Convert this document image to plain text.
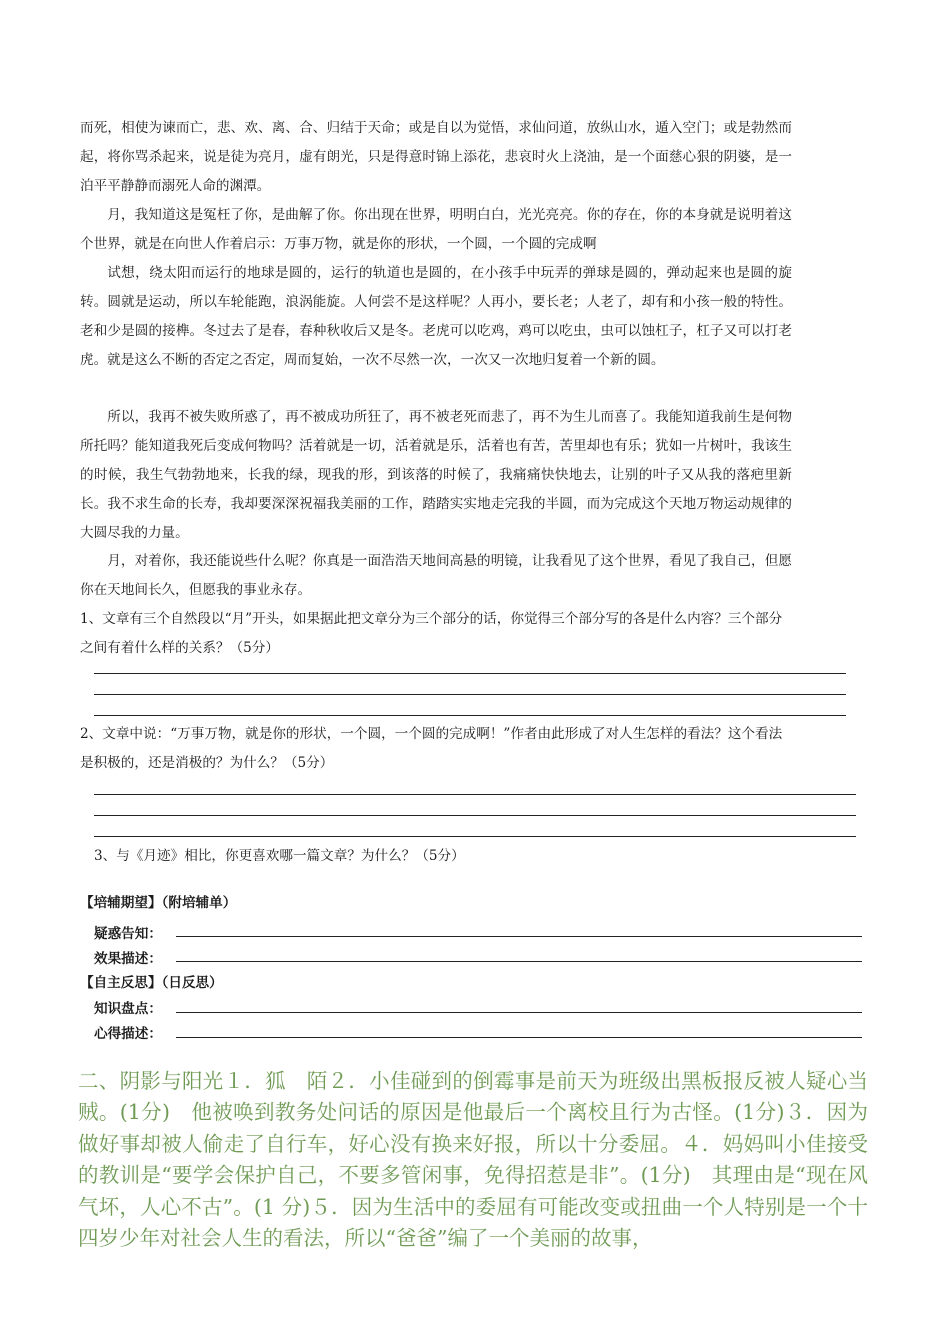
而死，相使为谏而亡，悲、欢、离、合、归结于天命；或是自以为觉悟，求仙问道，放纵山水，遁入空门；或是勃然而起，将你骂杀起来，说是徒为亮月，虚有朗光，只是得意时锦上添花，悲哀时火上浇油，是一个面慈心狠的阴婆，是一泊平平静静而溺死人命的渊潭。

月，我知道这是冤枉了你，是曲解了你。你出现在世界，明明白白，光光亮亮。你的存在，你的本身就是说明着这个世界，就是在向世人作着启示：万事万物，就是你的形状，一个圆，一个圆的完成啊

试想，绕太阳而运行的地球是圆的，运行的轨道也是圆的，在小孩手中玩弄的弹球是圆的，弹动起来也是圆的旋转。圆就是运动，所以车轮能跑，浪涡能旋。人何尝不是这样呢？人再小，要长老；人老了，却有和小孩一般的特性。老和少是圆的接榫。冬过去了是春，春种秋收后又是冬。老虎可以吃鸡，鸡可以吃虫，虫可以蚀杠子，杠子又可以打老虎。就是这么不断的否定之否定，周而复始，一次不尽然一次，一次又一次地归复着一个新的圆。

所以，我再不被失败所惑了，再不被成功所狂了，再不被老死而悲了，再不为生儿而喜了。我能知道我前生是何物所托吗？能知道我死后变成何物吗？活着就是一切，活着就是乐，活着也有苦，苦里却也有乐；犹如一片树叶，我该生的时候，我生气勃勃地来，长我的绿，现我的形，到该落的时候了，我痛痛快快地去，让别的叶子又从我的落疤里新长。我不求生命的长寿，我却要深深祝福我美丽的工作，踏踏实实地走完我的半圆，而为完成这个天地万物运动规律的大圆尽我的力量。

月，对着你，我还能说些什么呢？你真是一面浩浩天地间高悬的明镜，让我看见了这个世界，看见了我自己，但愿你在天地间长久，但愿我的事业永存。

1、文章有三个自然段以“月”开头，如果据此把文章分为三个部分的话，你觉得三个部分写的各是什么内容？三个部分之间有着什么样的关系？（5分）

2、文章中说：“万事万物，就是你的形状，一个圆，一个圆的完成啊！”作者由此形成了对人生怎样的看法？这个看法是积极的，还是消极的？为什么？（5分）

3、与《月迹》相比，你更喜欢哪一篇文章？为什么？（5分）

【培辅期望】（附培辅单）
疑惑告知：
效果描述：
【自主反思】（日反思）
知识盘点：
心得描述：

二、阴影与阳光１．狐　陌２．小佳碰到的倒霉事是前天为班级出黑板报反被人疑心当贼。(1分)　他被唤到教务处问话的原因是他最后一个离校且行为古怪。(1分)３．因为做好事却被人偷走了自行车，好心没有换来好报，所以十分委屈。４．妈妈叫小佳接受的教训是“要学会保护自己，不要多管闲事，免得招惹是非”。(1分)　其理由是“现在风气坏，人心不古”。(1 分)５．因为生活中的委屈有可能改变或扭曲一个人特别是一个十四岁少年对社会人生的看法，所以“爸爸”编了一个美丽的故事，
